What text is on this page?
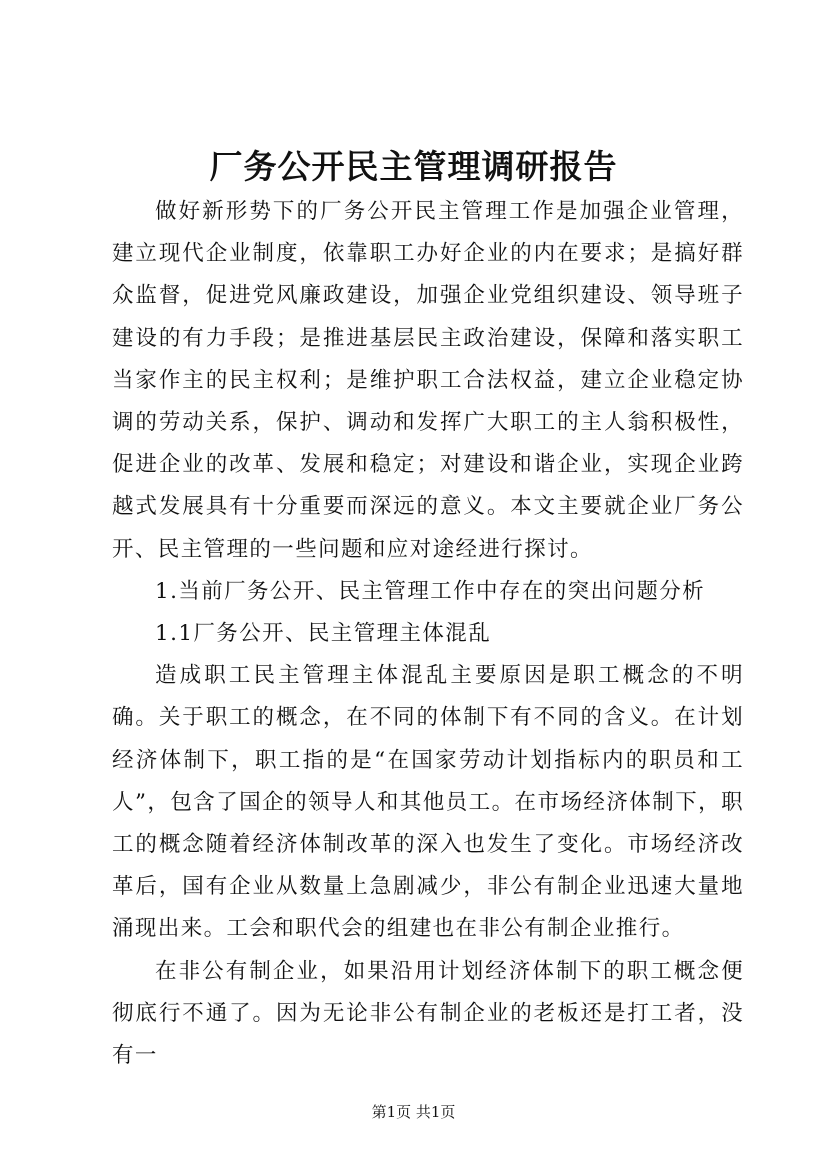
厂务公开民主管理调研报告

做好新形势下的厂务公开民主管理工作是加强企业管理，建立现代企业制度，依靠职工办好企业的内在要求；是搞好群众监督，促进党风廉政建设，加强企业党组织建设、领导班子建设的有力手段；是推进基层民主政治建设，保障和落实职工当家作主的民主权利；是维护职工合法权益，建立企业稳定协调的劳动关系，保护、调动和发挥广大职工的主人翁积极性，促进企业的改革、发展和稳定；对建设和谐企业，实现企业跨越式发展具有十分重要而深远的意义。本文主要就企业厂务公开、民主管理的一些问题和应对途经进行探讨。

1.当前厂务公开、民主管理工作中存在的突出问题分析

1.1厂务公开、民主管理主体混乱

造成职工民主管理主体混乱主要原因是职工概念的不明确。关于职工的概念，在不同的体制下有不同的含义。在计划经济体制下，职工指的是“在国家劳动计划指标内的职员和工人”，包含了国企的领导人和其他员工。在市场经济体制下，职工的概念随着经济体制改革的深入也发生了变化。市场经济改革后，国有企业从数量上急剧减少，非公有制企业迅速大量地涌现出来。工会和职代会的组建也在非公有制企业推行。

在非公有制企业，如果沿用计划经济体制下的职工概念便彻底行不通了。因为无论非公有制企业的老板还是打工者，没有一

第1页 共1页
